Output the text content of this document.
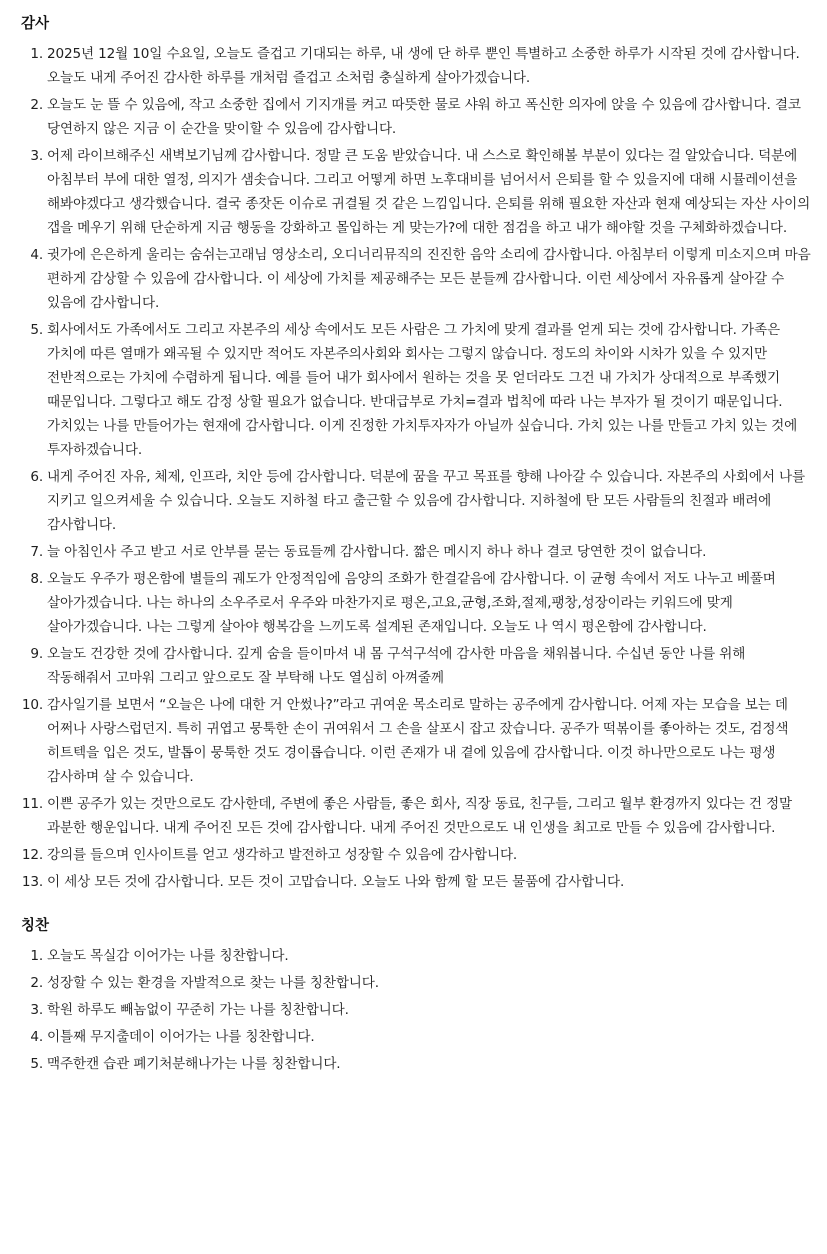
감사
1. 2025년 12월 10일 수요일, 오늘도 즐겁고 기대되는 하루, 내 생에 단 하루 뿐인 특별하고 소중한 하루가 시작된 것에 감사합니다. 오늘도 내게 주어진 감사한 하루를 개처럼 즐겁고 소처럼 충실하게 살아가겠습니다.
2. 오늘도 눈 뜰 수 있음에, 작고 소중한 집에서 기지개를 켜고 따뜻한 물로 샤워 하고 폭신한 의자에 앉을 수 있음에 감사합니다. 결코 당연하지 않은 지금 이 순간을 맞이할 수 있음에 감사합니다.
3. 어제 라이브해주신 새벽보기님께 감사합니다. 정말 큰 도움 받았습니다. 내 스스로 확인해볼 부분이 있다는 걸 알았습니다. 덕분에 아침부터 부에 대한 열정, 의지가 샘솟습니다. 그리고 어떻게 하면 노후대비를 넘어서서 은퇴를 할 수 있을지에 대해 시뮬레이션을 해봐야겠다고 생각했습니다. 결국 종잣돈 이슈로 귀결될 것 같은 느낌입니다. 은퇴를 위해 필요한 자산과 현재 예상되는 자산 사이의 갭을 메우기 위해 단순하게 지금 행동을 강화하고 몰입하는 게 맞는가?에 대한 점검을 하고 내가 해야할 것을 구체화하겠습니다.
4. 귓가에 은은하게 울리는 숨쉬는고래님 영상소리, 오디너리뮤직의 진진한 음악 소리에 감사합니다. 아침부터 이렇게 미소지으며 마음 편하게 감상할 수 있음에 감사합니다. 이 세상에 가치를 제공해주는 모든 분들께 감사합니다. 이런 세상에서 자유롭게 살아갈 수 있음에 감사합니다.
5. 회사에서도 가족에서도 그리고 자본주의 세상 속에서도 모든 사람은 그 가치에 맞게 결과를 얻게 되는 것에 감사합니다. 가족은 가치에 따른 열매가 왜곡될 수 있지만 적어도 자본주의사회와 회사는 그렇지 않습니다. 정도의 차이와 시차가 있을 수 있지만 전반적으로는 가치에 수렴하게 됩니다. 예를 들어 내가 회사에서 원하는 것을 못 얻더라도 그건 내 가치가 상대적으로 부족했기 때문입니다. 그렇다고 해도 감정 상할 필요가 없습니다. 반대급부로 가치=결과 법칙에 따라 나는 부자가 될 것이기 때문입니다. 가치있는 나를 만들어가는 현재에 감사합니다. 이게 진정한 가치투자자가 아닐까 싶습니다. 가치 있는 나를 만들고 가치 있는 것에 투자하겠습니다.
6. 내게 주어진 자유, 체제, 인프라, 치안 등에 감사합니다. 덕분에 꿈을 꾸고 목표를 향해 나아갈 수 있습니다. 자본주의 사회에서 나를 지키고 일으켜세울 수 있습니다. 오늘도 지하철 타고 출근할 수 있음에 감사합니다. 지하철에 탄 모든 사람들의 친절과 배려에 감사합니다.
7. 늘 아침인사 주고 받고 서로 안부를 묻는 동료들께 감사합니다. 짧은 메시지 하나 하나 결코 당연한 것이 없습니다.
8. 오늘도 우주가 평온함에 별들의 궤도가 안정적임에 음양의 조화가 한결같음에 감사합니다. 이 균형 속에서 저도 나누고 베풀며 살아가겠습니다. 나는 하나의 소우주로서 우주와 마찬가지로 평온,고요,균형,조화,절제,팽창,성장이라는 키워드에 맞게 살아가겠습니다. 나는 그렇게 살아야 행복감을 느끼도록 설계된 존재입니다. 오늘도 나 역시 평온함에 감사합니다.
9. 오늘도 건강한 것에 감사합니다. 깊게 숨을 들이마셔 내 몸 구석구석에 감사한 마음을 채워봅니다. 수십년 동안 나를 위해 작동해줘서 고마워 그리고 앞으로도 잘 부탁해 나도 열심히 아껴줄께
10. 감사일기를 보면서 “오늘은 나에 대한 거 안썼나?”라고 귀여운 목소리로 말하는 공주에게 감사합니다. 어제 자는 모습을 보는 데 어쩌나 사랑스럽던지. 특히 귀엽고 뭉툭한 손이 귀여워서 그 손을 살포시 잡고 잤습니다. 공주가 떡볶이를 좋아하는 것도, 검정색 히트텍을 입은 것도, 발톱이 뭉툭한 것도 경이롭습니다. 이런 존재가 내 곁에 있음에 감사합니다. 이것 하나만으로도 나는 평생 감사하며 살 수 있습니다.
11. 이쁜 공주가 있는 것만으로도 감사한데, 주변에 좋은 사람들, 좋은 회사, 직장 동료, 친구들, 그리고 월부 환경까지 있다는 건 정말 과분한 행운입니다. 내게 주어진 모든 것에 감사합니다. 내게 주어진 것만으로도 내 인생을 최고로 만들 수 있음에 감사합니다.
12. 강의를 들으며 인사이트를 얻고 생각하고 발전하고 성장할 수 있음에 감사합니다.
13. 이 세상 모든 것에 감사합니다. 모든 것이 고맙습니다. 오늘도 나와 함께 할 모든 물품에 감사합니다.
칭찬
1. 오늘도 목실감 이어가는 나를 칭찬합니다.
2. 성장할 수 있는 환경을 자발적으로 찾는 나를 칭찬합니다.
3. 학원 하루도 빼놈없이 꾸준히 가는 나를 칭찬합니다.
4. 이틀째 무지출데이 이어가는 나를 칭찬합니다.
5. 맥주한캔 습관 폐기처분해나가는 나를 칭찬합니다.
